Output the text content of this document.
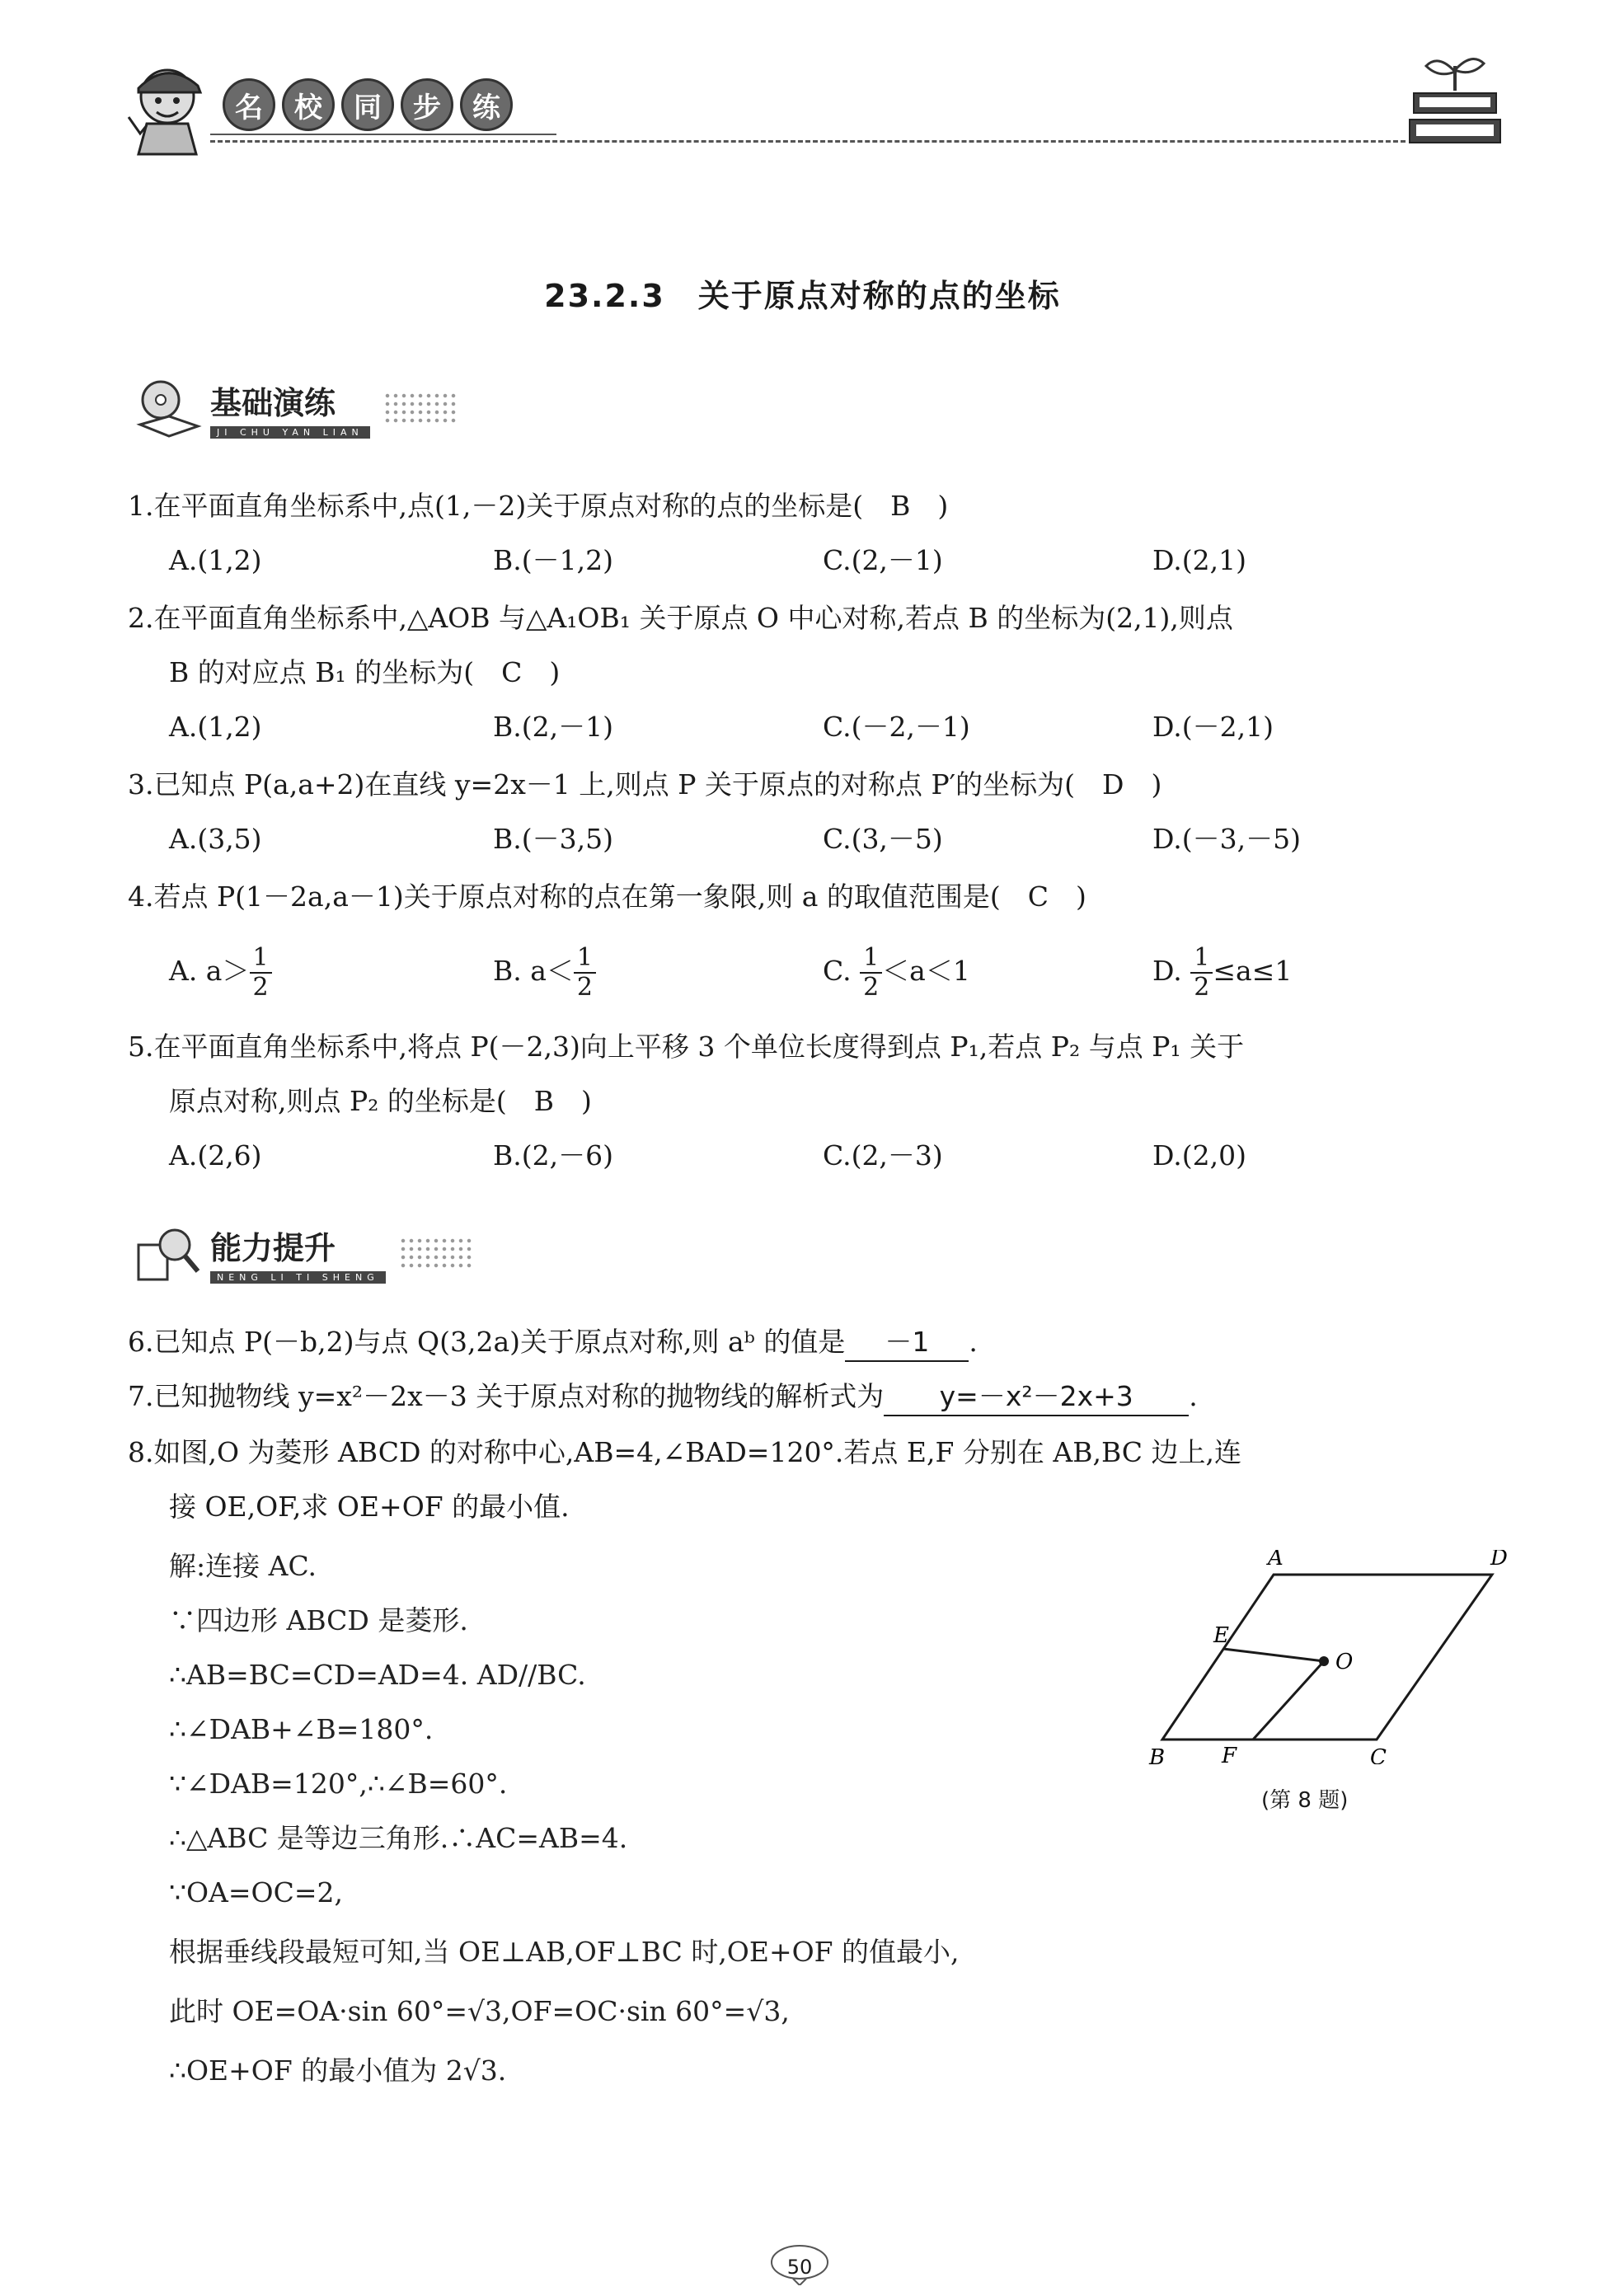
名	校	同	步	练
23.2.3　关于原点对称的点的坐标
基础演练
JI CHU YAN LIAN
1.在平面直角坐标系中,点(1,－2)关于原点对称的点的坐标是(　B　)
A.(1,2)	B.(－1,2)	C.(2,－1)	D.(2,1)
2.在平面直角坐标系中,△AOB 与△A₁OB₁ 关于原点 O 中心对称,若点 B 的坐标为(2,1),则点
B 的对应点 B₁ 的坐标为(　C　)
A.(1,2)	B.(2,－1)	C.(－2,－1)	D.(－2,1)
3.已知点 P(a,a+2)在直线 y=2x－1 上,则点 P 关于原点的对称点 P′的坐标为(　D　)
A.(3,5)	B.(－3,5)	C.(3,－5)	D.(－3,－5)
4.若点 P(1－2a,a－1)关于原点对称的点在第一象限,则 a 的取值范围是(　C　)
A. $a> \frac{1}{2}$	B. $a< \frac{1}{2}$	C. $\frac{1}{2} <a<1$	D. $\frac{1}{2} \le a\le 1$
5.在平面直角坐标系中,将点 P(－2,3)向上平移 3 个单位长度得到点 P₁,若点 P₂ 与点 P₁ 关于
原点对称,则点 P₂ 的坐标是(　B　)
A.(2,6)	B.(2,－6)	C.(2,－3)	D.(2,0)
能力提升
NENG LI TI SHENG
6.已知点 P(－b,2)与点 Q(3,2a)关于原点对称,则 aᵇ 的值是 －1 .
7.已知抛物线 y=x²－2x－3 关于原点对称的抛物线的解析式为 y=－x²－2x+3 .
8.如图,O 为菱形 ABCD 的对称中心,AB=4,∠BAD=120°.若点 E,F 分别在 AB,BC 边上,连
接 OE,OF,求 OE+OF 的最小值.
解:连接 AC.
∵四边形 ABCD 是菱形.
∴AB=BC=CD=AD=4. AD//BC.
∴∠DAB+∠B=180°.
∵∠DAB=120°,∴∠B=60°.
∴△ABC 是等边三角形.∴AC=AB=4.
∵OA=OC=2,
根据垂线段最短可知,当 OE⊥AB,OF⊥BC 时,OE+OF 的值最小,
此时 OE=OA·sin 60°=√3,OF=OC·sin 60°=√3,
∴OE+OF 的最小值为 2√3.
A	D
B	C
F
E
O
(第 8 题)
50
